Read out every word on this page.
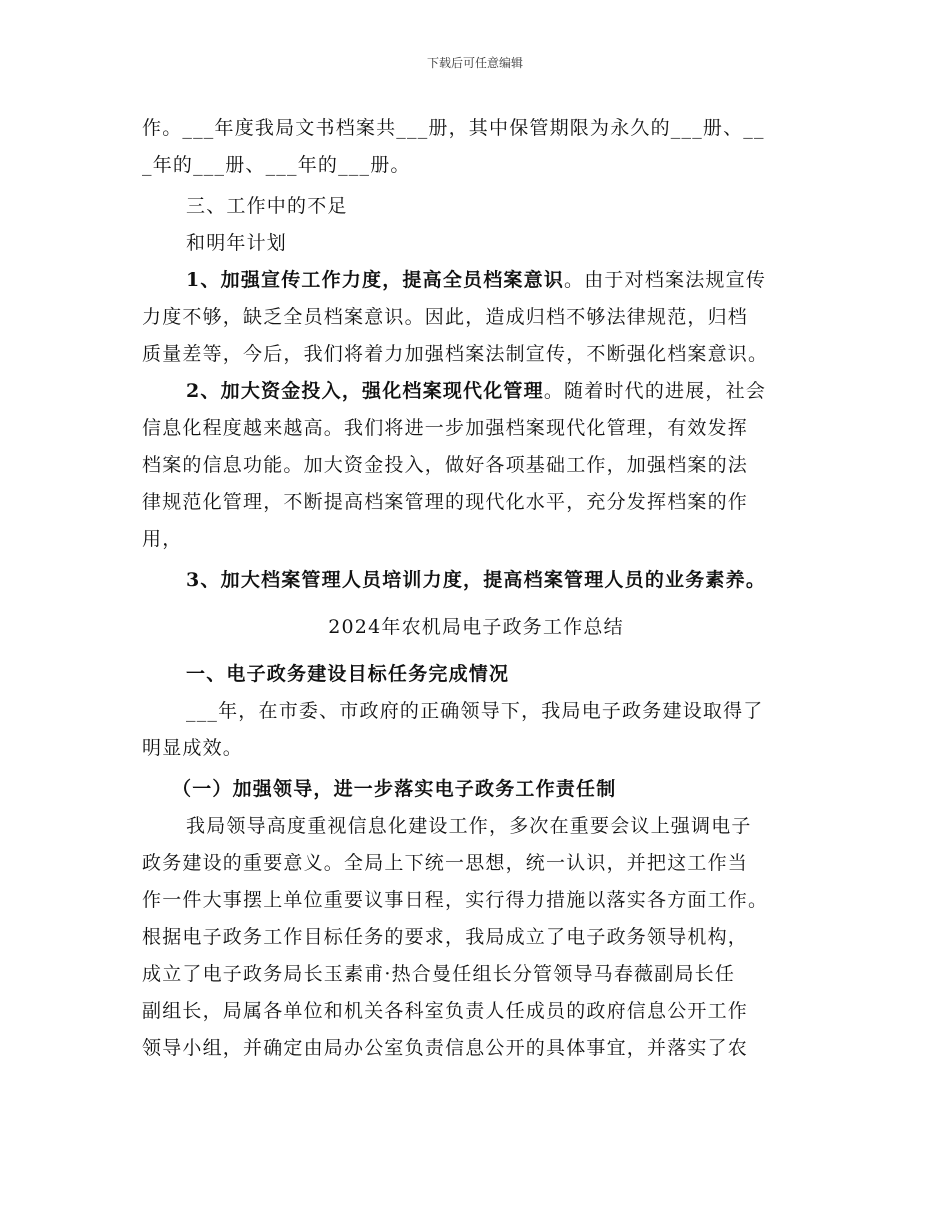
下载后可任意编辑
作。___年度我局文书档案共___册，其中保管期限为永久的___册、__
_年的___册、___年的___册。
三、工作中的不足
和明年计划
1、加强宣传工作力度，提高全员档案意识。由于对档案法规宣传
力度不够，缺乏全员档案意识。因此，造成归档不够法律规范，归档
质量差等，今后，我们将着力加强档案法制宣传，不断强化档案意识。
2、加大资金投入，强化档案现代化管理。随着时代的进展，社会
信息化程度越来越高。我们将进一步加强档案现代化管理，有效发挥
档案的信息功能。加大资金投入，做好各项基础工作，加强档案的法
律规范化管理，不断提高档案管理的现代化水平，充分发挥档案的作
用，
3、加大档案管理人员培训力度，提高档案管理人员的业务素养。
2024年农机局电子政务工作总结
一、电子政务建设目标任务完成情况
___年，在市委、市政府的正确领导下，我局电子政务建设取得了
明显成效。
（一）加强领导，进一步落实电子政务工作责任制
我局领导高度重视信息化建设工作，多次在重要会议上强调电子
政务建设的重要意义。全局上下统一思想，统一认识，并把这工作当
作一件大事摆上单位重要议事日程，实行得力措施以落实各方面工作。
根据电子政务工作目标任务的要求，我局成立了电子政务领导机构，
成立了电子政务局长玉素甫·热合曼任组长分管领导马春薇副局长任
副组长，局属各单位和机关各科室负责人任成员的政府信息公开工作
领导小组，并确定由局办公室负责信息公开的具体事宜，并落实了农
